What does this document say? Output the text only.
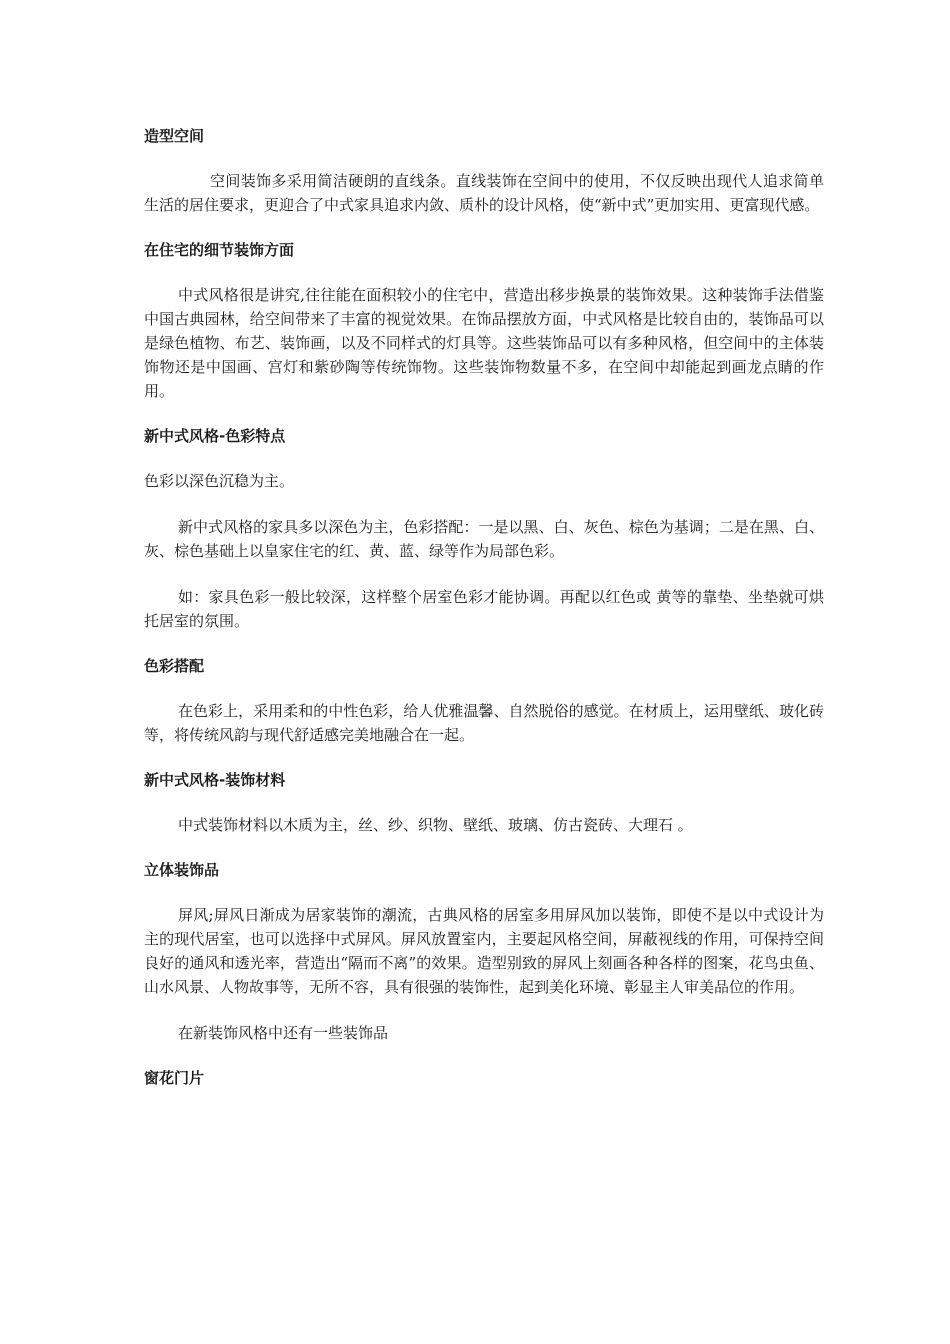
造型空间
空间装饰多采用简洁硬朗的直线条。直线装饰在空间中的使用，不仅反映出现代人追求简单生活的居住要求，更迎合了中式家具追求内敛、质朴的设计风格，使“新中式”更加实用、更富现代感。
在住宅的细节装饰方面
中式风格很是讲究,往往能在面积较小的住宅中，营造出移步换景的装饰效果。这种装饰手法借鉴中国古典园林，给空间带来了丰富的视觉效果。在饰品摆放方面，中式风格是比较自由的，装饰品可以是绿色植物、布艺、装饰画，以及不同样式的灯具等。这些装饰品可以有多种风格，但空间中的主体装饰物还是中国画、宫灯和紫砂陶等传统饰物。这些装饰物数量不多，在空间中却能起到画龙点睛的作用。
新中式风格-色彩特点
色彩以深色沉稳为主。
新中式风格的家具多以深色为主，色彩搭配：一是以黑、白、灰色、棕色为基调；二是在黑、白、灰、棕色基础上以皇家住宅的红、黄、蓝、绿等作为局部色彩。
如：家具色彩一般比较深，这样整个居室色彩才能协调。再配以红色或 黄等的靠垫、坐垫就可烘托居室的氛围。
色彩搭配
在色彩上，采用柔和的中性色彩，给人优雅温馨、自然脱俗的感觉。在材质上，运用壁纸、玻化砖等，将传统风韵与现代舒适感完美地融合在一起。
新中式风格-装饰材料
中式装饰材料以木质为主，丝、纱、织物、壁纸、玻璃、仿古瓷砖、大理石 。
立体装饰品
屏风;屏风日渐成为居家装饰的潮流，古典风格的居室多用屏风加以装饰，即使不是以中式设计为主的现代居室，也可以选择中式屏风。屏风放置室内，主要起风格空间，屏蔽视线的作用，可保持空间良好的通风和透光率，营造出“隔而不离”的效果。造型别致的屏风上刻画各种各样的图案，花鸟虫鱼、山水风景、人物故事等，无所不容，具有很强的装饰性，起到美化环境、彰显主人审美品位的作用。
在新装饰风格中还有一些装饰品
窗花门片
